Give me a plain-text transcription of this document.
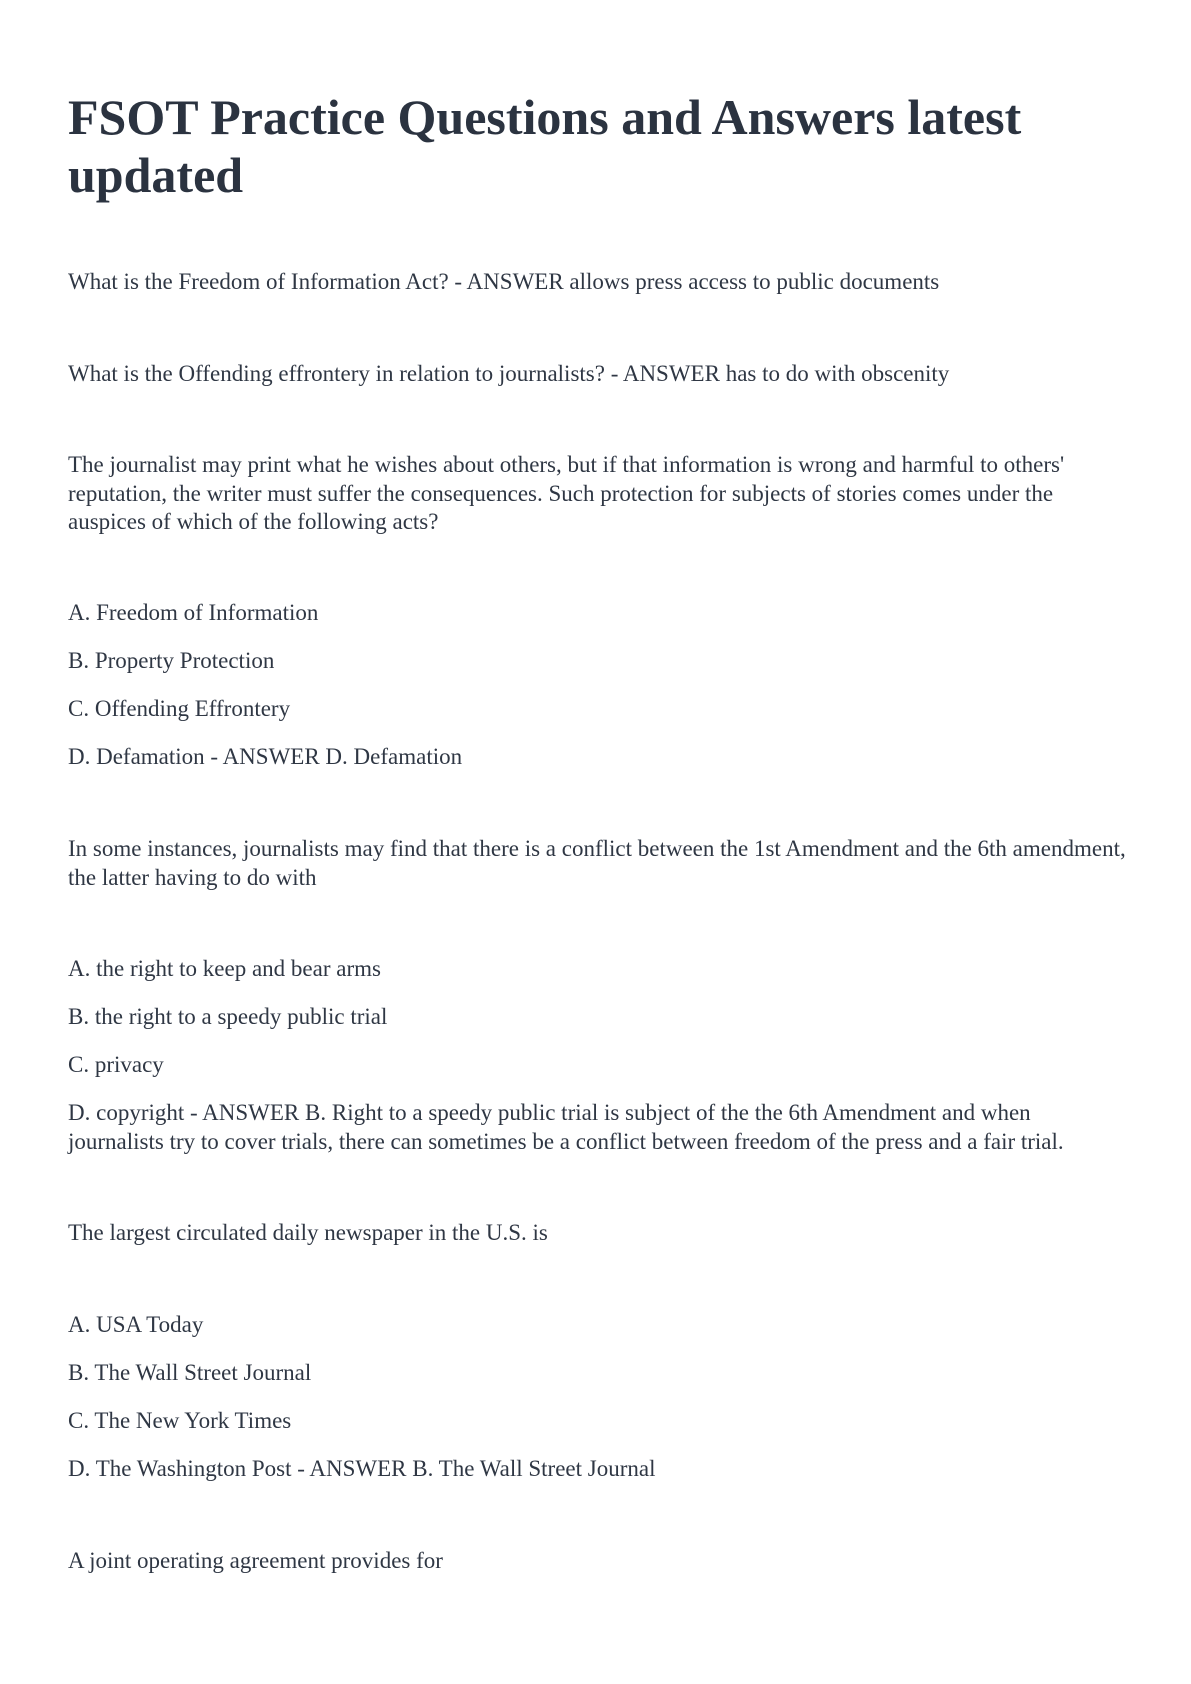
FSOT Practice Questions and Answers latest updated

What is the Freedom of Information Act? - ANSWER allows press access to public documents

What is the Offending effrontery in relation to journalists? - ANSWER has to do with obscenity

The journalist may print what he wishes about others, but if that information is wrong and harmful to others' reputation, the writer must suffer the consequences. Such protection for subjects of stories comes under the auspices of which of the following acts?

A. Freedom of Information

B. Property Protection

C. Offending Effrontery

D. Defamation - ANSWER D. Defamation

In some instances, journalists may find that there is a conflict between the 1st Amendment and the 6th amendment, the latter having to do with

A. the right to keep and bear arms

B. the right to a speedy public trial

C. privacy

D. copyright - ANSWER B. Right to a speedy public trial is subject of the the 6th Amendment and when journalists try to cover trials, there can sometimes be a conflict between freedom of the press and a fair trial.

The largest circulated daily newspaper in the U.S. is

A. USA Today

B. The Wall Street Journal

C. The New York Times

D. The Washington Post - ANSWER B. The Wall Street Journal

A joint operating agreement provides for
